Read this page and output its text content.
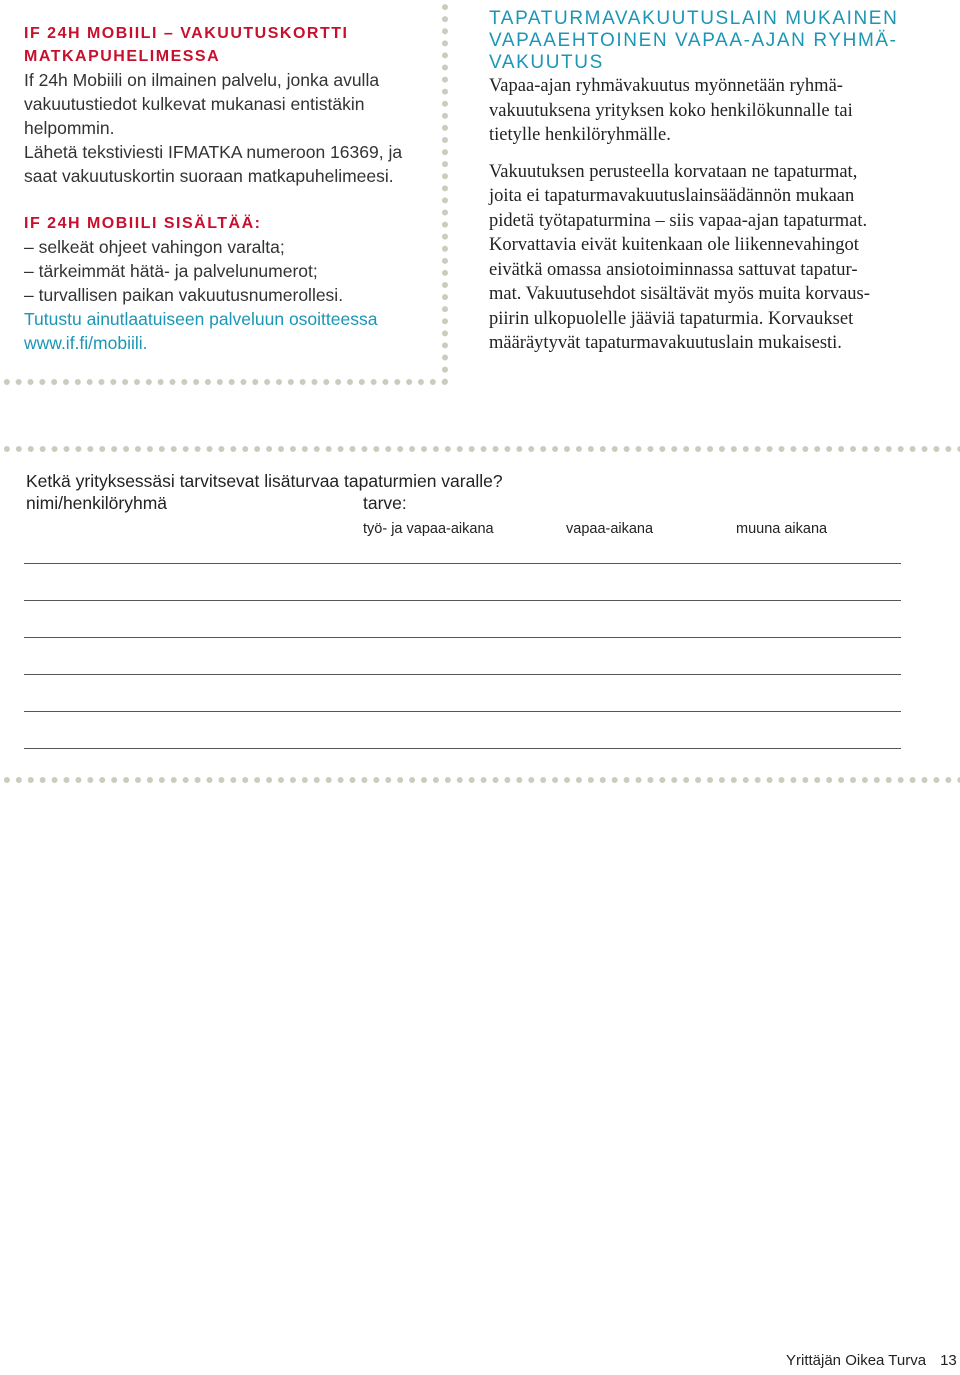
IF 24H MOBIILI – VAKUUTUSKORTTI
MATKAPUHELIMESSA

If 24h Mobiili on ilmainen palvelu, jonka avulla
vakuutustiedot kulkevat mukanasi entistäkin
helpommin.
Lähetä tekstiviesti IFMATKA numeroon 16369, ja
saat vakuutuskortin suoraan matkapuhelimeesi.

IF 24H MOBIILI SISÄLTÄÄ:
– selkeät ohjeet vahingon varalta;
– tärkeimmät hätä- ja palvelunumerot;
– turvallisen paikan vakuutusnumerollesi.

Tutustu ainutlaatuiseen palveluun osoitteessa
www.if.fi/mobiili.

TAPATURMAVAKUUTUSLAIN MUKAINEN
VAPAAEHTOINEN VAPAA-AJAN RYHMÄ-
VAKUUTUS

Vapaa-ajan ryhmävakuutus myönnetään ryhmä-
vakuutuksena yrityksen koko henkilökunnalle tai
tietylle henkilöryhmälle.

Vakuutuksen perusteella korvataan ne tapaturmat,
joita ei tapaturmavakuutuslainsäädännön mukaan
pidetä työtapaturmina – siis vapaa-ajan tapaturmat.
Korvattavia eivät kuitenkaan ole liikennevahingot
eivätkä omassa ansiotoiminnassa sattuvat tapatur-
mat. Vakuutusehdot sisältävät myös muita korvaus-
piirin ulkopuolelle jääviä tapaturmia. Korvaukset
määräytyvät tapaturmavakuutuslain mukaisesti.

Ketkä yrityksessäsi tarvitsevat lisäturvaa tapaturmien varalle?
nimi/henkilöryhmä	tarve:
työ- ja vapaa-aikana	vapaa-aikana	muuna aikana
Yrittäjän Oikea Turva 13
